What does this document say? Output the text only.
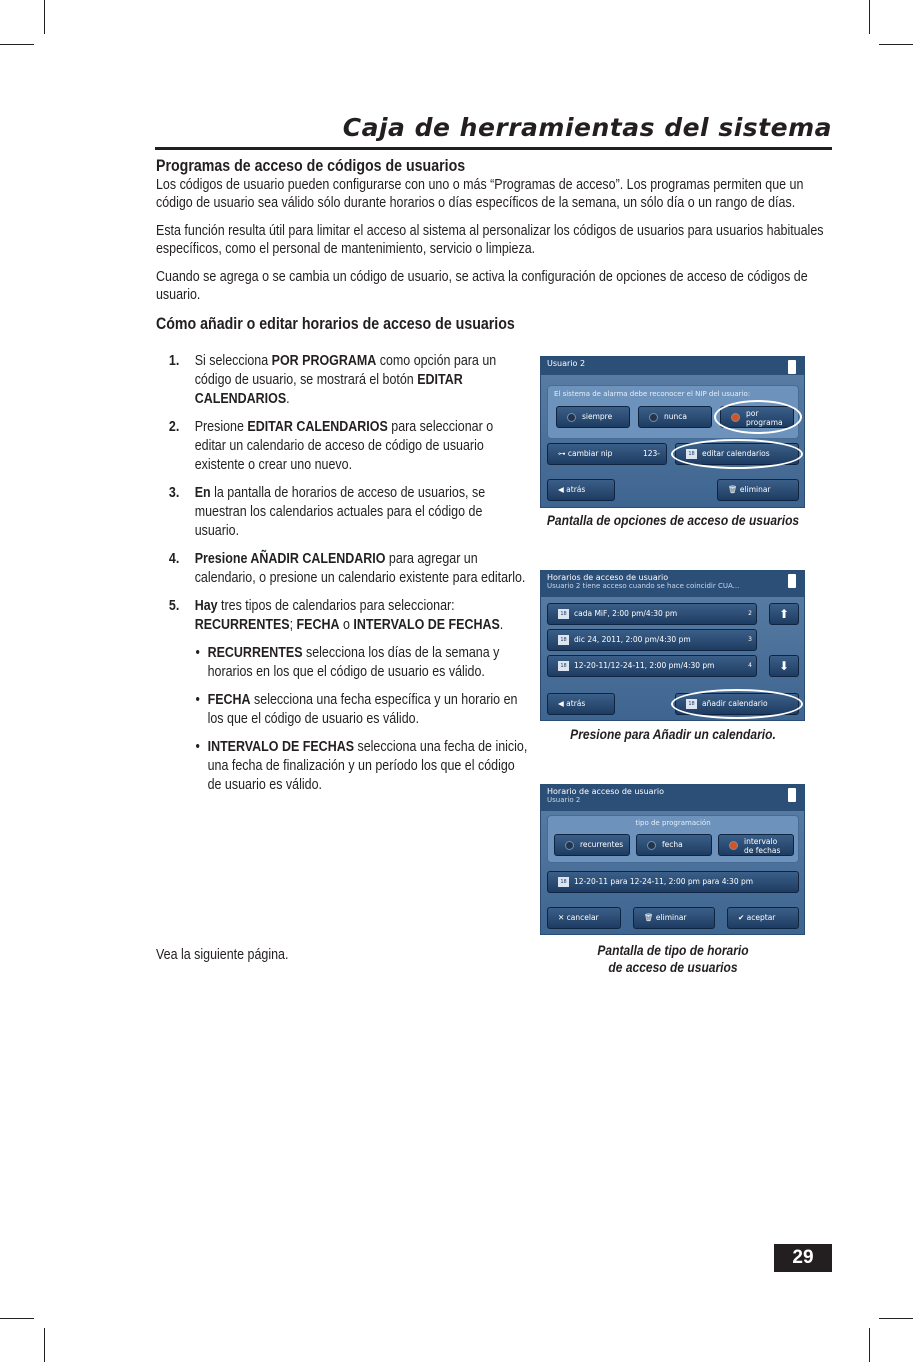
Caja de herramientas del sistema
Programas de acceso de códigos de usuarios

Los códigos de usuario pueden configurarse con uno o más “Programas de acceso”. Los programas permiten que un código de usuario sea válido sólo durante horarios o días específicos de la semana, un sólo día o un rango de días.

Esta función resulta útil para limitar el acceso al sistema al personalizar los códigos de usuarios para usuarios habituales específicos, como el personal de mantenimiento, servicio o limpieza.

Cuando se agrega o se cambia un código de usuario, se activa la configuración de opciones de acceso de códigos de usuario.

Cómo añadir o editar horarios de acceso de usuarios
1. Si selecciona POR PROGRAMA como opción para un código de usuario, se mostrará el botón EDITAR CALENDARIOS.
2. Presione EDITAR CALENDARIOS para seleccionar o editar un calendario de acceso de código de usuario existente o crear uno nuevo.
3. En la pantalla de horarios de acceso de usuarios, se muestran los calendarios actuales para el código de usuario.
4. Presione AÑADIR CALENDARIO para agregar un calendario, o presione un calendario existente para editarlo.
5. Hay tres tipos de calendarios para seleccionar: RECURRENTES; FECHA o INTERVALO DE FECHAS.
• RECURRENTES selecciona los días de la semana y horarios en los que el código de usuario es válido.
• FECHA selecciona una fecha específica y un horario en los que el código de usuario es válido.
• INTERVALO DE FECHAS selecciona una fecha de inicio, una fecha de finalización y un período los que el código de usuario es válido.
Vea la siguiente página.
Usuario 2
El sistema de alarma debe reconocer el NIP del usuario:
siempre	nunca	por
programa
⊶ cambiar nip	123-	18 editar calendarios
◀ atrás	🗑 eliminar
Pantalla de opciones de acceso de usuarios
Horarios de acceso de usuario
Usuario 2 tiene acceso cuando se hace coincidir CUA...
18 cada MiF, 2:00 pm/4:30 pm	2
18 dic 24, 2011, 2:00 pm/4:30 pm	3
18 12-20-11/12-24-11, 2:00 pm/4:30 pm	4
⬆
⬇
◀ atrás	18 añadir calendario
Presione para Añadir un calendario.
Horario de acceso de usuario
Usuario 2
tipo de programación
recurrentes	fecha	intervalo
de fechas
18 12-20-11 para 12-24-11, 2:00 pm para 4:30 pm
✕ cancelar	🗑 eliminar	✔ aceptar
Pantalla de tipo de horario
de acceso de usuarios
29
